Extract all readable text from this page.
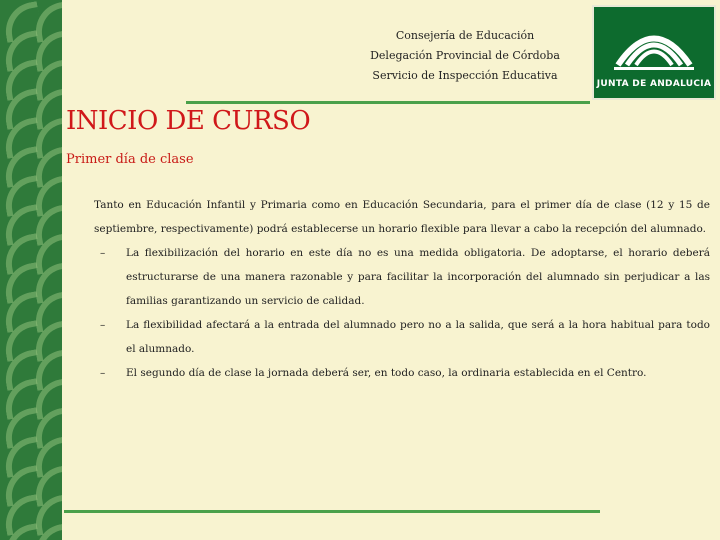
Consejería de Educación
Delegación Provincial de Córdoba
Servicio de Inspección Educativa
JUNTA DE ANDALUCIA
INICIO DE CURSO
Primer día de clase

Tanto en Educación Infantil y Primaria como en Educación Secundaria, para el primer día de clase (12 y 15 de septiembre, respectivamente) podrá establecerse un horario flexible para llevar a cabo la recepción del alumnado.

– La flexibilización del horario en este día no es una medida obligatoria. De adoptarse, el horario deberá estructurarse de una manera razonable y para facilitar la incorporación del alumnado sin perjudicar a las familias garantizando un servicio de calidad.
– La flexibilidad afectará a la entrada del alumnado pero no a la salida, que será a la hora habitual para todo el alumnado.
– El segundo día de clase la jornada deberá ser, en todo caso, la ordinaria establecida en el Centro.
